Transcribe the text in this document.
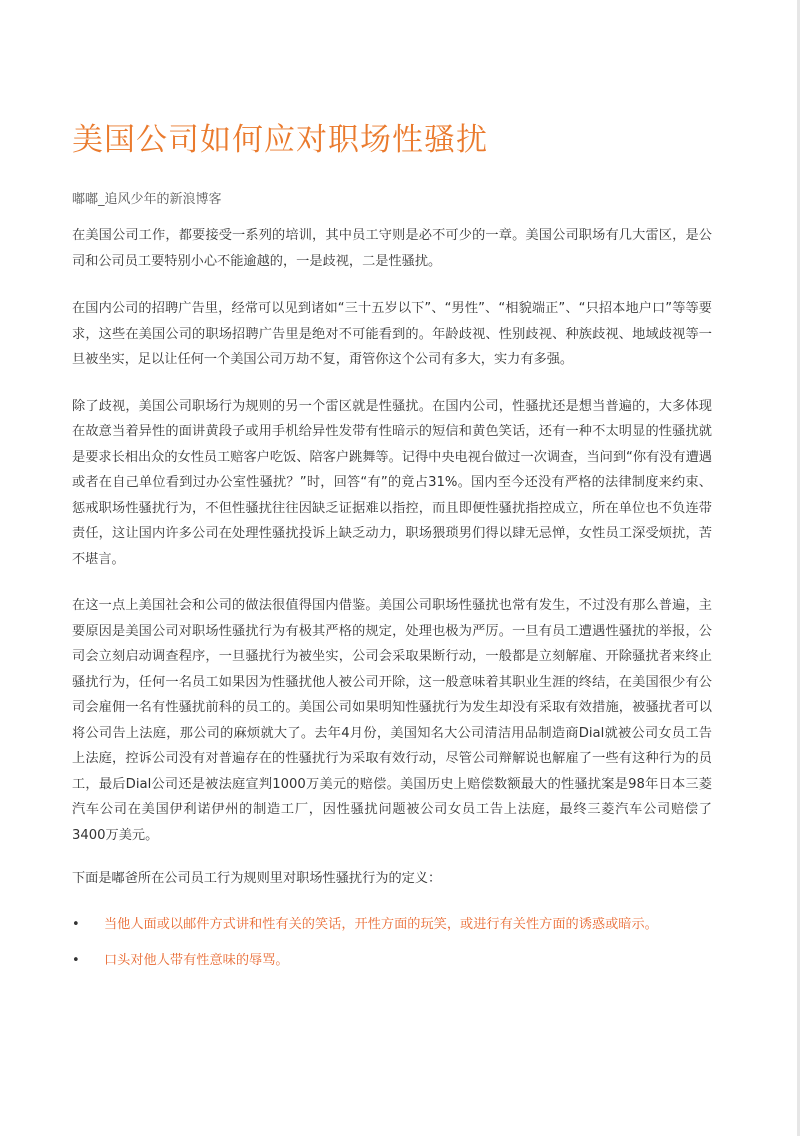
美国公司如何应对职场性骚扰
嘟嘟_追风少年的新浪博客

在美国公司工作，都要接受一系列的培训，其中员工守则是必不可少的一章。美国公司职场有几大雷区，是公司和公司员工要特别小心不能逾越的，一是歧视，二是性骚扰。

在国内公司的招聘广告里，经常可以见到诸如“三十五岁以下”、“男性”、“相貌端正”、“只招本地户口”等等要求，这些在美国公司的职场招聘广告里是绝对不可能看到的。年龄歧视、性别歧视、种族歧视、地域歧视等一旦被坐实，足以让任何一个美国公司万劫不复，甭管你这个公司有多大，实力有多强。

除了歧视，美国公司职场行为规则的另一个雷区就是性骚扰。在国内公司，性骚扰还是想当普遍的，大多体现在故意当着异性的面讲黄段子或用手机给异性发带有性暗示的短信和黄色笑话，还有一种不太明显的性骚扰就是要求长相出众的女性员工赔客户吃饭、陪客户跳舞等。记得中央电视台做过一次调查，当问到“你有没有遭遇或者在自己单位看到过办公室性骚扰？”时，回答“有”的竟占31%。国内至今还没有严格的法律制度来约束、惩戒职场性骚扰行为，不但性骚扰往往因缺乏证据难以指控，而且即便性骚扰指控成立，所在单位也不负连带责任，这让国内许多公司在处理性骚扰投诉上缺乏动力，职场猥琐男们得以肆无忌惮，女性员工深受烦扰，苦不堪言。

在这一点上美国社会和公司的做法很值得国内借鉴。美国公司职场性骚扰也常有发生，不过没有那么普遍，主要原因是美国公司对职场性骚扰行为有极其严格的规定，处理也极为严厉。一旦有员工遭遇性骚扰的举报，公司会立刻启动调查程序，一旦骚扰行为被坐实，公司会采取果断行动，一般都是立刻解雇、开除骚扰者来终止骚扰行为，任何一名员工如果因为性骚扰他人被公司开除，这一般意味着其职业生涯的终结，在美国很少有公司会雇佣一名有性骚扰前科的员工的。美国公司如果明知性骚扰行为发生却没有采取有效措施，被骚扰者可以将公司告上法庭，那公司的麻烦就大了。去年4月份，美国知名大公司清洁用品制造商Dial就被公司女员工告上法庭，控诉公司没有对普遍存在的性骚扰行为采取有效行动，尽管公司辩解说也解雇了一些有这种行为的员工，最后Dial公司还是被法庭宣判1000万美元的赔偿。美国历史上赔偿数额最大的性骚扰案是98年日本三菱汽车公司在美国伊利诺伊州的制造工厂，因性骚扰问题被公司女员工告上法庭，最终三菱汽车公司赔偿了3400万美元。

下面是嘟爸所在公司员工行为规则里对职场性骚扰行为的定义：

• 当他人面或以邮件方式讲和性有关的笑话，开性方面的玩笑，或进行有关性方面的诱惑或暗示。
• 口头对他人带有性意味的辱骂。
